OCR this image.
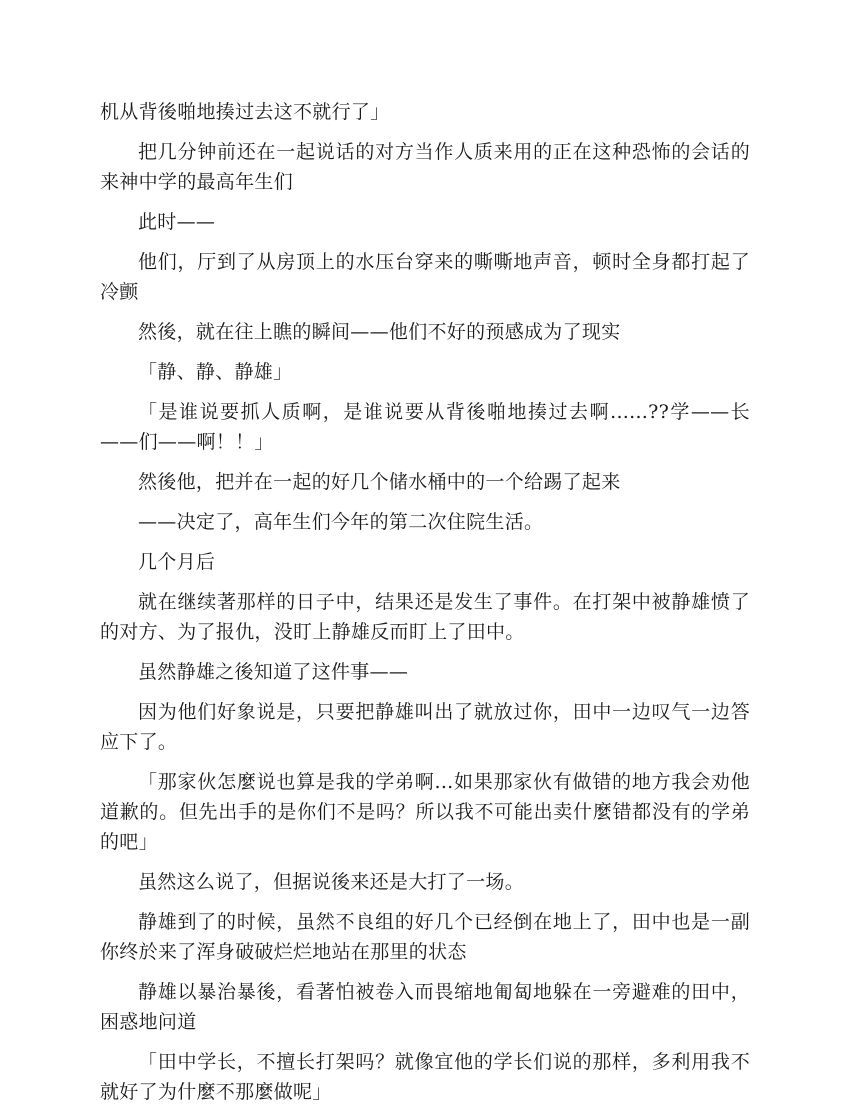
机从背後啪地揍过去这不就行了」

把几分钟前还在一起说话的对方当作人质来用的正在这种恐怖的会话的来神中学的最高年生们

此时——

他们，厅到了从房顶上的水压台穿来的嘶嘶地声音，顿时全身都打起了冷颤

然後，就在往上瞧的瞬间——他们不好的预感成为了现实

「静、静、静雄」

「是谁说要抓人质啊，是谁说要从背後啪地揍过去啊......??学——长——们——啊！！」

然後他，把并在一起的好几个储水桶中的一个给踢了起来

——决定了，高年生们今年的第二次住院生活。

几个月后

就在继续著那样的日子中，结果还是发生了事件。在打架中被静雄愤了的对方、为了报仇，没盯上静雄反而盯上了田中。

虽然静雄之後知道了这件事——

因为他们好象说是，只要把静雄叫出了就放过你，田中一边叹气一边答应下了。

「那家伙怎麼说也算是我的学弟啊...如果那家伙有做错的地方我会劝他道歉的。但先出手的是你们不是吗？所以我不可能出卖什麼错都没有的学弟的吧」

虽然这么说了，但据说後来还是大打了一场。

静雄到了的时候，虽然不良组的好几个已经倒在地上了，田中也是一副你终於来了浑身破破烂烂地站在那里的状态

静雄以暴治暴後，看著怕被卷入而畏缩地匍匐地躲在一旁避难的田中，困惑地问道

「田中学长，不擅长打架吗？就像宜他的学长们说的那样，多利用我不就好了为什麼不那麼做呢」
